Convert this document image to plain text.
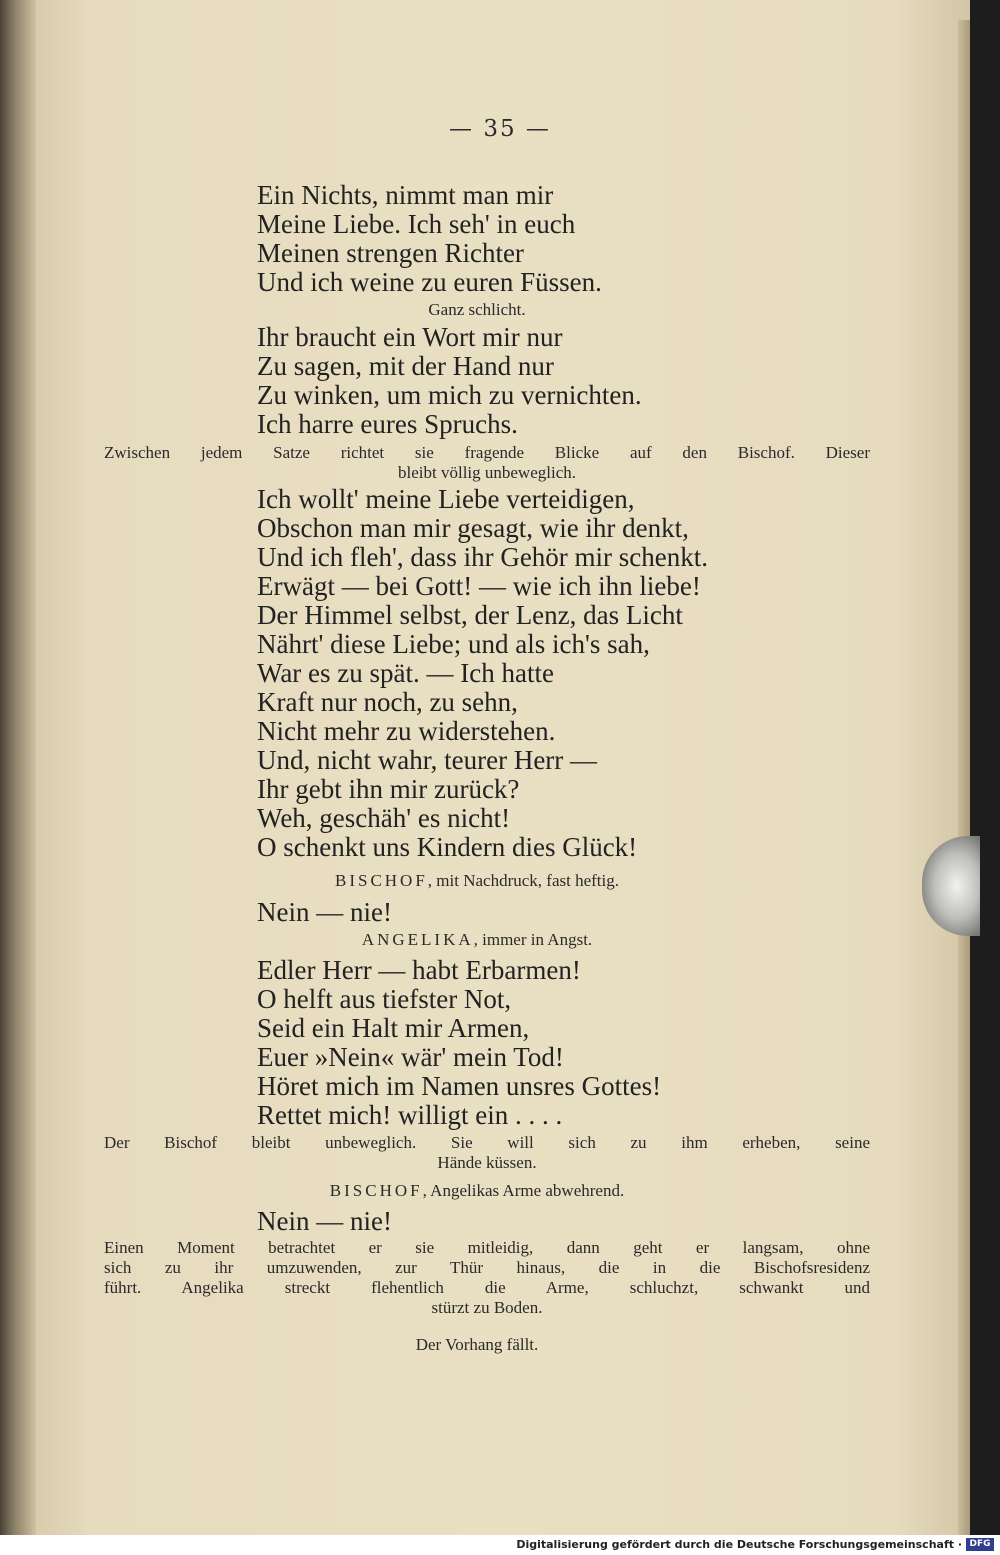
— 35 —
Ein Nichts, nimmt man mir
Meine Liebe. Ich seh' in euch
Meinen strengen Richter
Und ich weine zu euren Füssen.
Ganz schlicht.
Ihr braucht ein Wort mir nur
Zu sagen, mit der Hand nur
Zu winken, um mich zu vernichten.
Ich harre eures Spruchs.
Zwischen jedem Satze richtet sie fragende Blicke auf den Bischof. Dieser
bleibt völlig unbeweglich.
Ich wollt' meine Liebe verteidigen,
Obschon man mir gesagt, wie ihr denkt,
Und ich fleh', dass ihr Gehör mir schenkt.
Erwägt — bei Gott! — wie ich ihn liebe!
Der Himmel selbst, der Lenz, das Licht
Nährt' diese Liebe; und als ich's sah,
War es zu spät. — Ich hatte
Kraft nur noch, zu sehn,
Nicht mehr zu widerstehen.
Und, nicht wahr, teurer Herr —
Ihr gebt ihn mir zurück?
Weh, geschäh' es nicht!
O schenkt uns Kindern dies Glück!
BISCHOF, mit Nachdruck, fast heftig.
Nein — nie!
ANGELIKA, immer in Angst.
Edler Herr — habt Erbarmen!
O helft aus tiefster Not,
Seid ein Halt mir Armen,
Euer »Nein« wär' mein Tod!
Höret mich im Namen unsres Gottes!
Rettet mich! willigt ein . . . .
Der Bischof bleibt unbeweglich. Sie will sich zu ihm erheben, seine
Hände küssen.
BISCHOF, Angelikas Arme abwehrend.
Nein — nie!
Einen Moment betrachtet er sie mitleidig, dann geht er langsam, ohne
sich zu ihr umzuwenden, zur Thür hinaus, die in die Bischofsresidenz
führt. Angelika streckt flehentlich die Arme, schluchzt, schwankt und
stürzt zu Boden.
Der Vorhang fällt.
Digitalisierung gefördert durch die Deutsche Forschungsgemeinschaft · DFG
